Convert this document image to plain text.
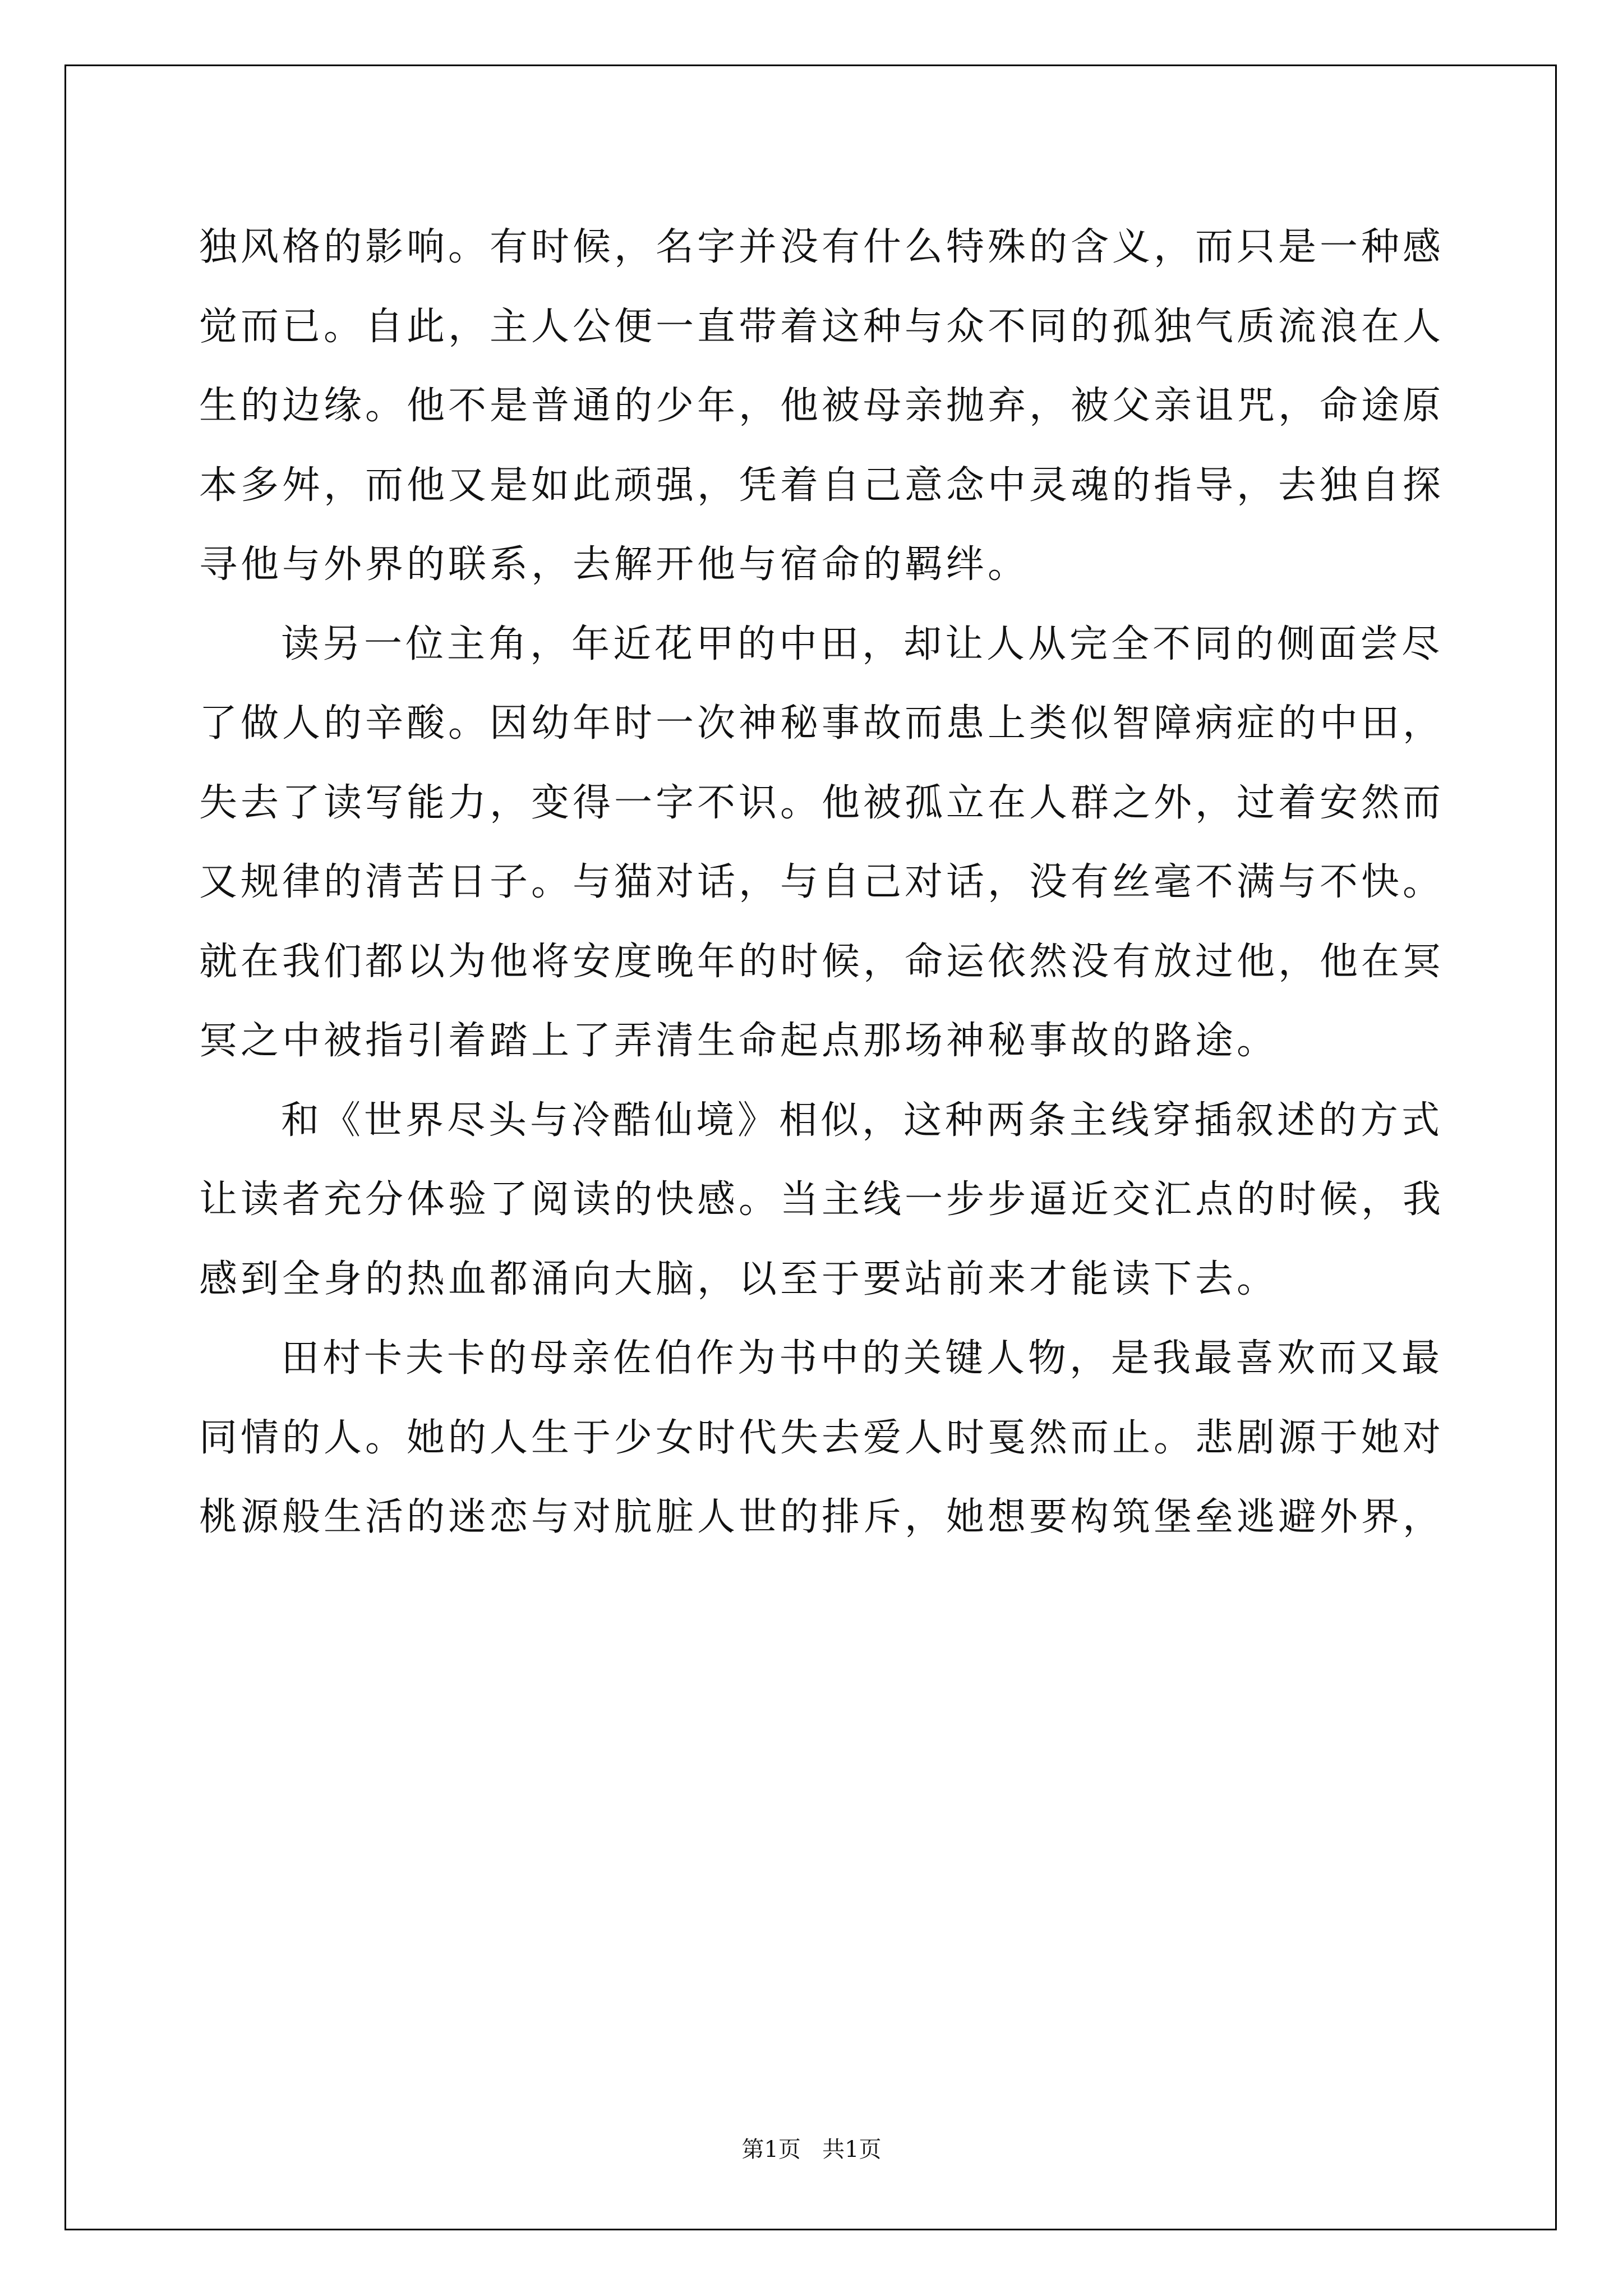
独风格的影响。有时候，名字并没有什么特殊的含义，而只是一种感
觉而已。自此，主人公便一直带着这种与众不同的孤独气质流浪在人
生的边缘。他不是普通的少年，他被母亲抛弃，被父亲诅咒，命途原
本多舛，而他又是如此顽强，凭着自己意念中灵魂的指导，去独自探
寻他与外界的联系，去解开他与宿命的羁绊。

读另一位主角，年近花甲的中田，却让人从完全不同的侧面尝尽
了做人的辛酸。因幼年时一次神秘事故而患上类似智障病症的中田，
失去了读写能力，变得一字不识。他被孤立在人群之外，过着安然而
又规律的清苦日子。与猫对话，与自己对话，没有丝毫不满与不快。
就在我们都以为他将安度晚年的时候，命运依然没有放过他，他在冥
冥之中被指引着踏上了弄清生命起点那场神秘事故的路途。

和《世界尽头与冷酷仙境》相似，这种两条主线穿插叙述的方式
让读者充分体验了阅读的快感。当主线一步步逼近交汇点的时候，我
感到全身的热血都涌向大脑，以至于要站前来才能读下去。

田村卡夫卡的母亲佐伯作为书中的关键人物，是我最喜欢而又最
同情的人。她的人生于少女时代失去爱人时戛然而止。悲剧源于她对
桃源般生活的迷恋与对肮脏人世的排斥，她想要构筑堡垒逃避外界，

第1页 共1页
